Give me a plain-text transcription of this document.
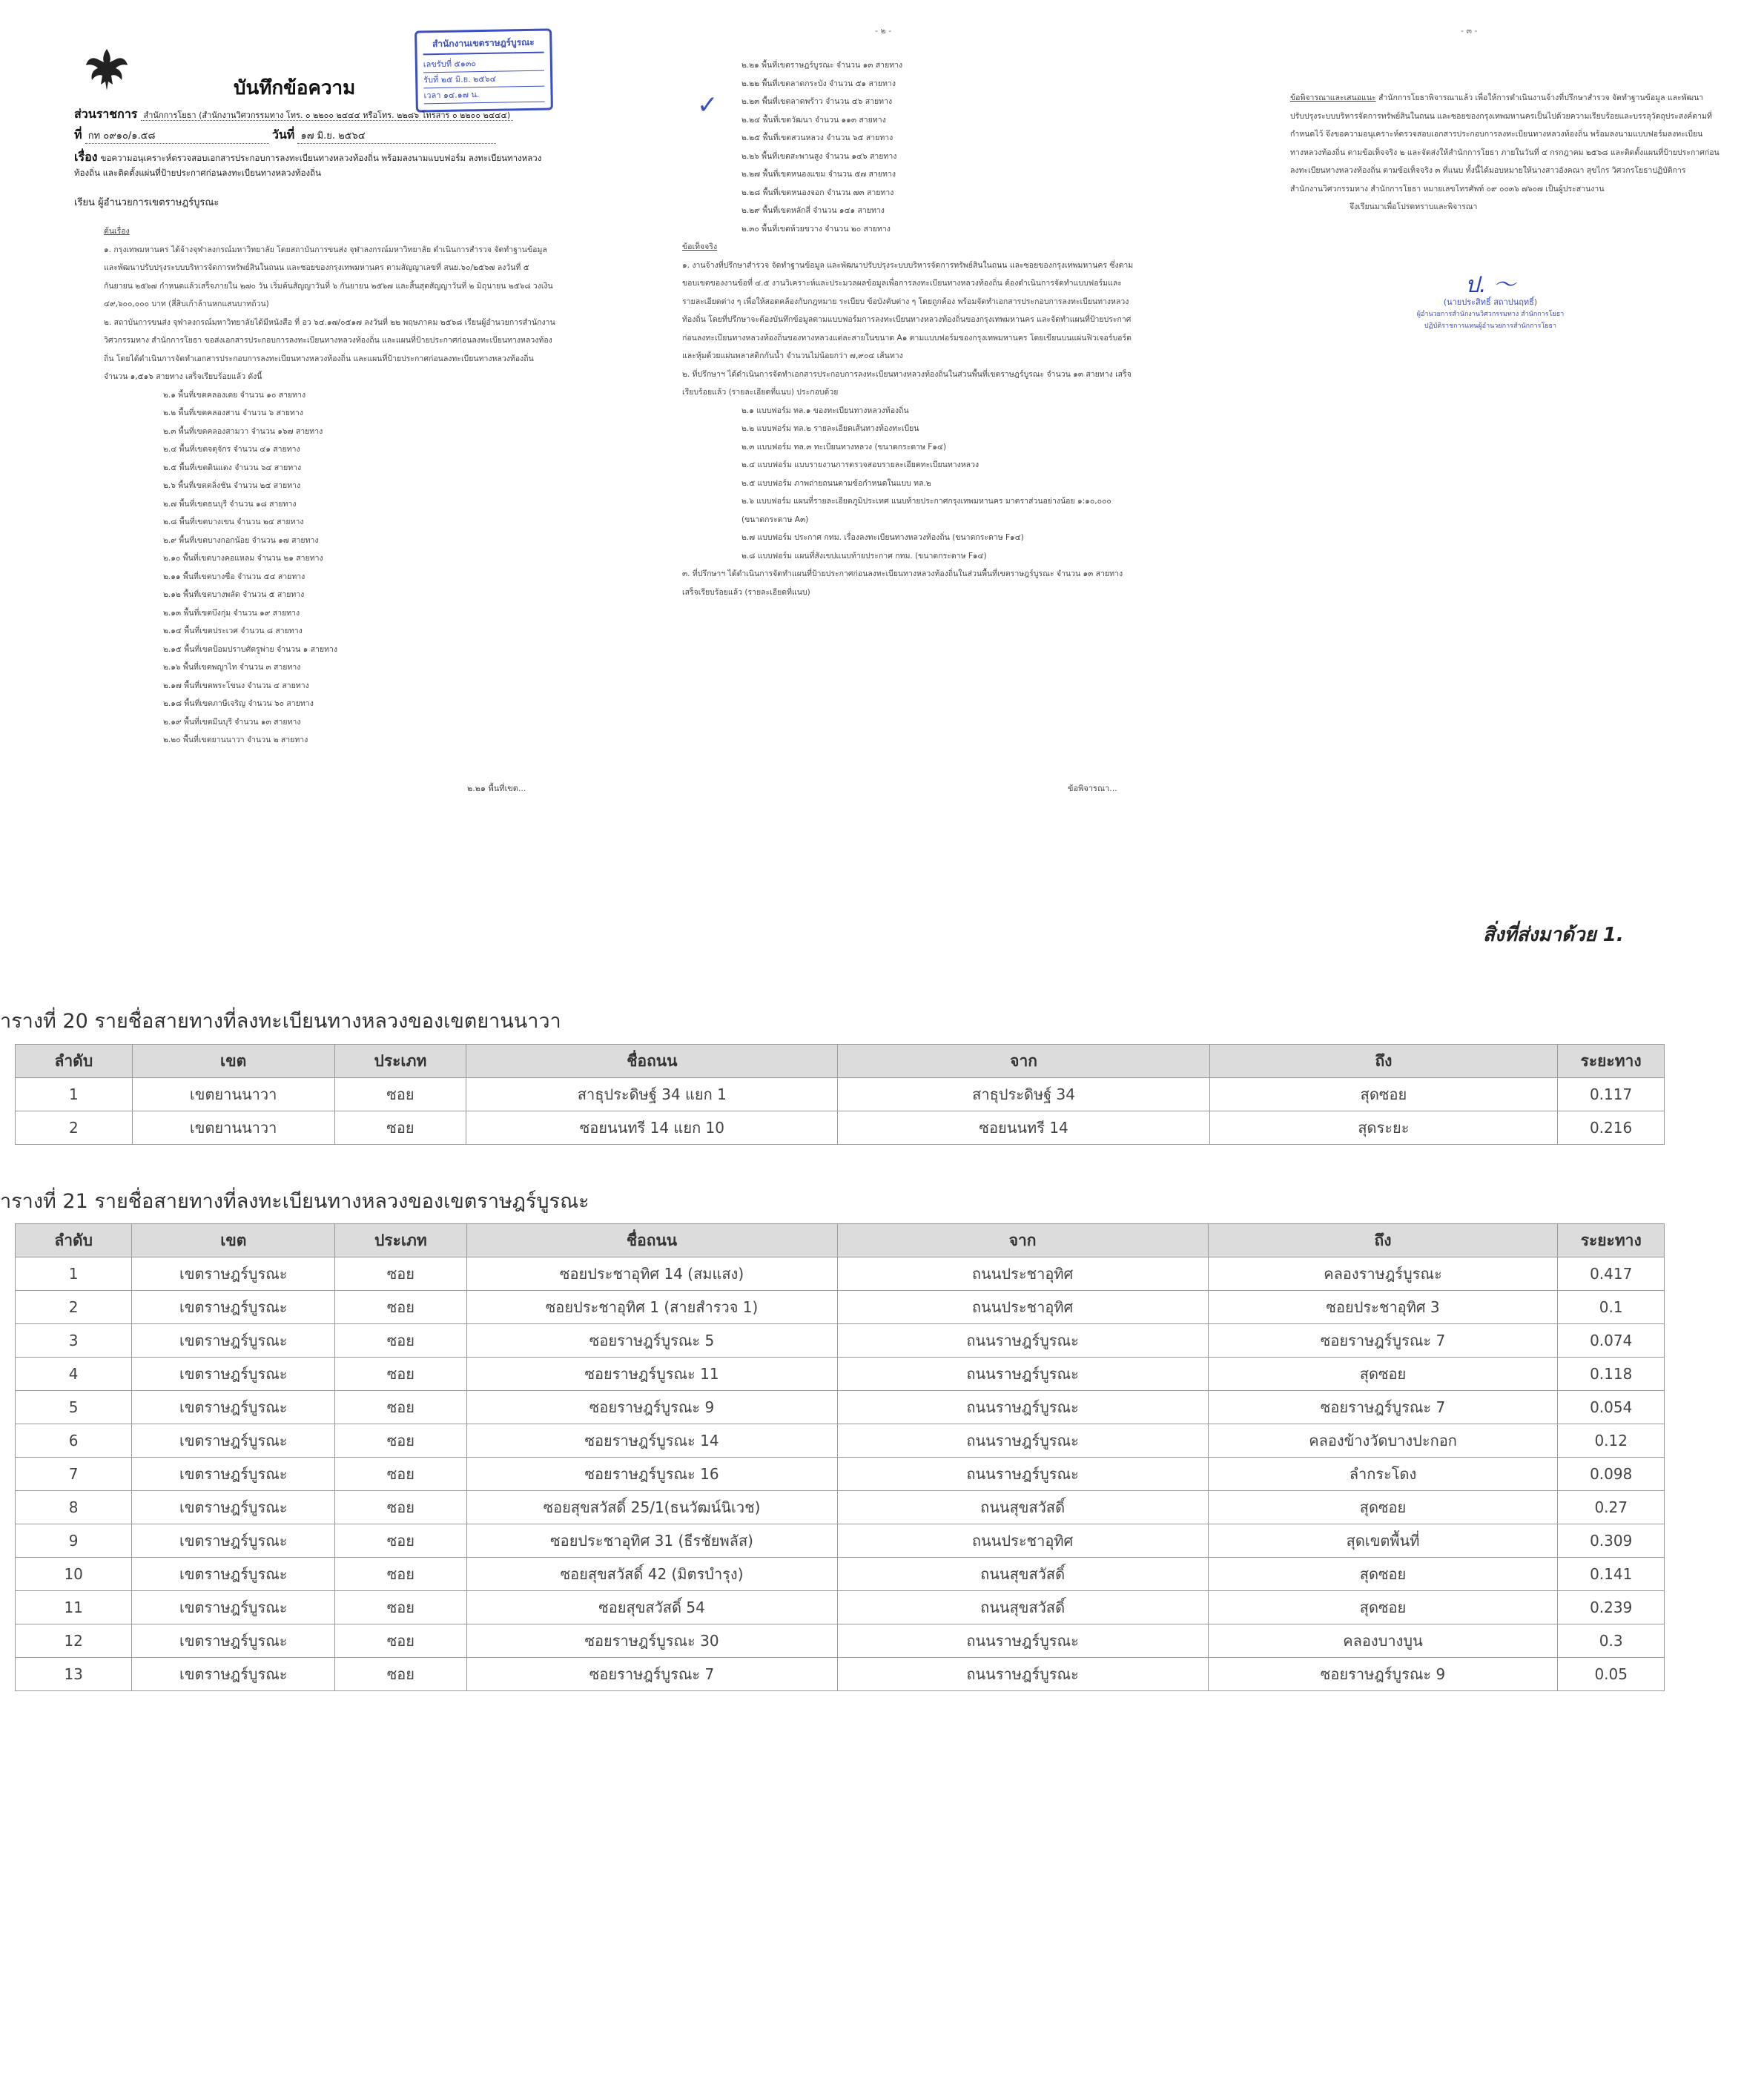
บันทึกข้อความ
สำนักงานเขตราษฎร์บูรณะ
เลขรับที่ ๕๑๓๐
รับที่ ๒๕ มิ.ย. ๒๕๖๔
เวลา ๑๔.๑๗ น.
ส่วนราชการ สำนักการโยธา (สำนักงานวิศวกรรมทาง โทร. ๐ ๒๒๐๐ ๒๔๔๔ หรือโทร. ๒๒๘๖ โทรสาร ๐ ๒๒๐๐ ๒๔๔๔)
ที่ กท ๐๙๑๐/๑.๕๘	วันที่ ๑๗ มิ.ย. ๒๕๖๔
เรื่อง ขอความอนุเคราะห์ตรวจสอบเอกสารประกอบการลงทะเบียนทางหลวงท้องถิ่น พร้อมลงนามแบบฟอร์ม ลงทะเบียนทางหลวงท้องถิ่น และติดตั้งแผ่นที่ป้ายประกาศก่อนลงทะเบียนทางหลวงท้องถิ่น
เรียน ผู้อำนวยการเขตราษฎร์บูรณะ
ต้นเรื่อง
๑. กรุงเทพมหานคร ได้จ้างจุฬาลงกรณ์มหาวิทยาลัย โดยสถาบันการขนส่ง จุฬาลงกรณ์มหาวิทยาลัย ดำเนินการสำรวจ จัดทำฐานข้อมูล และพัฒนาปรับปรุงระบบบริหารจัดการทรัพย์สินในถนน และซอยของกรุงเทพมหานคร ตามสัญญาเลขที่ สนย.๖๐/๒๕๖๗ ลงวันที่ ๕ กันยายน ๒๕๖๗ กำหนดแล้วเสร็จภายใน ๒๗๐ วัน เริ่มต้นสัญญาวันที่ ๖ กันยายน ๒๕๖๗ และสิ้นสุดสัญญาวันที่ ๒ มิถุนายน ๒๕๖๘ วงเงิน ๔๙,๖๐๐,๐๐๐ บาท (สี่สิบเก้าล้านหกแสนบาทถ้วน)
๒. สถาบันการขนส่ง จุฬาลงกรณ์มหาวิทยาลัยได้มีหนังสือ ที่ อว ๖๔.๑๗/๐๕๑๗ ลงวันที่ ๒๒ พฤษภาคม ๒๕๖๘ เรียนผู้อำนวยการสำนักงานวิศวกรรมทาง สำนักการโยธา ขอส่งเอกสารประกอบการลงทะเบียนทางหลวงท้องถิ่น และแผนที่ป้ายประกาศก่อนลงทะเบียนทางหลวงท้องถิ่น โดยได้ดำเนินการจัดทำเอกสารประกอบการลงทะเบียนทางหลวงท้องถิ่น และแผนที่ป้ายประกาศก่อนลงทะเบียนทางหลวงท้องถิ่น จำนวน ๑,๕๑๖ สายทาง เสร็จเรียบร้อยแล้ว ดังนี้
๒.๑ พื้นที่เขตคลองเตย จำนวน ๑๐ สายทาง
๒.๒ พื้นที่เขตคลองสาน จำนวน ๖ สายทาง
๒.๓ พื้นที่เขตคลองสามวา จำนวน ๑๖๗ สายทาง
๒.๔ พื้นที่เขตจตุจักร จำนวน ๔๑ สายทาง
๒.๕ พื้นที่เขตดินแดง จำนวน ๖๔ สายทาง
๒.๖ พื้นที่เขตตลิ่งชัน จำนวน ๒๔ สายทาง
๒.๗ พื้นที่เขตธนบุรี จำนวน ๑๘ สายทาง
๒.๘ พื้นที่เขตบางเขน จำนวน ๒๔ สายทาง
๒.๙ พื้นที่เขตบางกอกน้อย จำนวน ๑๗ สายทาง
๒.๑๐ พื้นที่เขตบางคอแหลม จำนวน ๒๑ สายทาง
๒.๑๑ พื้นที่เขตบางซื่อ จำนวน ๕๔ สายทาง
๒.๑๒ พื้นที่เขตบางพลัด จำนวน ๕ สายทาง
๒.๑๓ พื้นที่เขตบึงกุ่ม จำนวน ๑๙ สายทาง
๒.๑๔ พื้นที่เขตประเวศ จำนวน ๘ สายทาง
๒.๑๕ พื้นที่เขตป้อมปราบศัตรูพ่าย จำนวน ๑ สายทาง
๒.๑๖ พื้นที่เขตพญาไท จำนวน ๓ สายทาง
๒.๑๗ พื้นที่เขตพระโขนง จำนวน ๔ สายทาง
๒.๑๘ พื้นที่เขตภาษีเจริญ จำนวน ๖๐ สายทาง
๒.๑๙ พื้นที่เขตมีนบุรี จำนวน ๑๓ สายทาง
๒.๒๐ พื้นที่เขตยานนาวา จำนวน ๒ สายทาง
๒.๒๑ พื้นที่เขต...
- ๒ -
✓
๒.๒๑ พื้นที่เขตราษฎร์บูรณะ จำนวน ๑๓ สายทาง
๒.๒๒ พื้นที่เขตลาดกระบัง จำนวน ๕๑ สายทาง
๒.๒๓ พื้นที่เขตลาดพร้าว จำนวน ๔๖ สายทาง
๒.๒๔ พื้นที่เขตวัฒนา จำนวน ๑๑๓ สายทาง
๒.๒๕ พื้นที่เขตสวนหลวง จำนวน ๖๕ สายทาง
๒.๒๖ พื้นที่เขตสะพานสูง จำนวน ๑๔๖ สายทาง
๒.๒๗ พื้นที่เขตหนองแขม จำนวน ๕๗ สายทาง
๒.๒๘ พื้นที่เขตหนองจอก จำนวน ๗๓ สายทาง
๒.๒๙ พื้นที่เขตหลักสี่ จำนวน ๑๔๑ สายทาง
๒.๓๐ พื้นที่เขตห้วยขวาง จำนวน ๒๐ สายทาง
ข้อเท็จจริง
๑. งานจ้างที่ปรึกษาสำรวจ จัดทำฐานข้อมูล และพัฒนาปรับปรุงระบบบริหารจัดการทรัพย์สินในถนน และซอยของกรุงเทพมหานคร ซึ่งตามขอบเขตของงานข้อที่ ๔.๕ งานวิเคราะห์และประมวลผลข้อมูลเพื่อการลงทะเบียนทางหลวงท้องถิ่น ต้องดำเนินการจัดทำแบบฟอร์มและรายละเอียดต่าง ๆ เพื่อให้สอดคล้องกับกฎหมาย ระเบียบ ข้อบังคับต่าง ๆ โดยถูกต้อง พร้อมจัดทำเอกสารประกอบการลงทะเบียนทางหลวงท้องถิ่น โดยที่ปรึกษาจะต้องบันทึกข้อมูลตามแบบฟอร์มการลงทะเบียนทางหลวงท้องถิ่นของกรุงเทพมหานคร และจัดทำแผนที่ป้ายประกาศก่อนลงทะเบียนทางหลวงท้องถิ่นของทางหลวงแต่ละสายในขนาด A๑ ตามแบบฟอร์มของกรุงเทพมหานคร โดยเขียนบนแผ่นฟิวเจอร์บอร์ดและหุ้มด้วยแผ่นพลาสติกกันน้ำ จำนวนไม่น้อยกว่า ๗,๙๐๔ เส้นทาง
๒. ที่ปรึกษาฯ ได้ดำเนินการจัดทำเอกสารประกอบการลงทะเบียนทางหลวงท้องถิ่นในส่วนพื้นที่เขตราษฎร์บูรณะ จำนวน ๑๓ สายทาง เสร็จเรียบร้อยแล้ว (รายละเอียดที่แนบ) ประกอบด้วย
๒.๑ แบบฟอร์ม ทล.๑ ของทะเบียนทางหลวงท้องถิ่น
๒.๒ แบบฟอร์ม ทล.๒ รายละเอียดเส้นทางท้องทะเบียน
๒.๓ แบบฟอร์ม ทล.๓ ทะเบียนทางหลวง (ขนาดกระดาษ F๑๔)
๒.๔ แบบฟอร์ม แบบรายงานการตรวจสอบรายละเอียดทะเบียนทางหลวง
๒.๕ แบบฟอร์ม ภาพถ่ายถนนตามข้อกำหนดในแบบ ทล.๒
๒.๖ แบบฟอร์ม แผนที่รายละเอียดภูมิประเทศ แนบท้ายประกาศกรุงเทพมหานคร มาตราส่วนอย่างน้อย ๑:๑๐,๐๐๐ (ขนาดกระดาษ A๓)
๒.๗ แบบฟอร์ม ประกาศ กทม. เรื่องลงทะเบียนทางหลวงท้องถิ่น (ขนาดกระดาษ F๑๔)
๒.๘ แบบฟอร์ม แผนที่สังเขปแนบท้ายประกาศ กทม. (ขนาดกระดาษ F๑๔)
๓. ที่ปรึกษาฯ ได้ดำเนินการจัดทำแผนที่ป้ายประกาศก่อนลงทะเบียนทางหลวงท้องถิ่นในส่วนพื้นที่เขตราษฎร์บูรณะ จำนวน ๑๓ สายทาง เสร็จเรียบร้อยแล้ว (รายละเอียดที่แนบ)
ข้อพิจารณา...
- ๓ -
ข้อพิจารณาและเสนอแนะ สำนักการโยธาพิจารณาแล้ว เพื่อให้การดำเนินงานจ้างที่ปรึกษาสำรวจ จัดทำฐานข้อมูล และพัฒนาปรับปรุงระบบบริหารจัดการทรัพย์สินในถนน และซอยของกรุงเทพมหานครเป็นไปด้วยความเรียบร้อยและบรรลุวัตถุประสงค์ตามที่กำหนดไว้ จึงขอความอนุเคราะห์ตรวจสอบเอกสารประกอบการลงทะเบียนทางหลวงท้องถิ่น พร้อมลงนามแบบฟอร์มลงทะเบียนทางหลวงท้องถิ่น ตามข้อเท็จจริง ๒ และจัดส่งให้สำนักการโยธา ภายในวันที่ ๔ กรกฎาคม ๒๕๖๘ และติดตั้งแผนที่ป้ายประกาศก่อนลงทะเบียนทางหลวงท้องถิ่น ตามข้อเท็จจริง ๓ ที่แนบ ทั้งนี้ได้มอบหมายให้นางสาวอังคณา สุขไกร วิศวกรโยธาปฏิบัติการ สำนักงานวิศวกรรมทาง สำนักการโยธา หมายเลขโทรศัพท์ ๐๙ ๐๐๓๖ ๗๖๐๗ เป็นผู้ประสานงาน
จึงเรียนมาเพื่อโปรดทราบและพิจารณา
ป. ﻿～
(นายประสิทธิ์ สถาปนฤทธิ์)
ผู้อำนวยการสำนักงานวิศวกรรมทาง สำนักการโยธา
ปฏิบัติราชการแทนผู้อำนวยการสำนักการโยธา
สิ่งที่ส่งมาด้วย 1.
ารางที่ 20 รายชื่อสายทางที่ลงทะเบียนทางหลวงของเขตยานนาวา
ลำดับ	เขต	ประเภท	ชื่อถนน	จาก	ถึง	ระยะทาง
1	เขตยานนาวา	ซอย	สาธุประดิษฐ์ 34 แยก 1	สาธุประดิษฐ์ 34	สุดซอย	0.117
2	เขตยานนาวา	ซอย	ซอยนนทรี 14 แยก 10	ซอยนนทรี 14	สุดระยะ	0.216
ารางที่ 21 รายชื่อสายทางที่ลงทะเบียนทางหลวงของเขตราษฎร์บูรณะ
ลำดับ	เขต	ประเภท	ชื่อถนน	จาก	ถึง	ระยะทาง
1	เขตราษฎร์บูรณะ	ซอย	ซอยประชาอุทิศ 14 (สมแสง)	ถนนประชาอุทิศ	คลองราษฎร์บูรณะ	0.417
2	เขตราษฎร์บูรณะ	ซอย	ซอยประชาอุทิศ 1 (สายสำรวจ 1)	ถนนประชาอุทิศ	ซอยประชาอุทิศ 3	0.1
3	เขตราษฎร์บูรณะ	ซอย	ซอยราษฎร์บูรณะ 5	ถนนราษฎร์บูรณะ	ซอยราษฎร์บูรณะ 7	0.074
4	เขตราษฎร์บูรณะ	ซอย	ซอยราษฎร์บูรณะ 11	ถนนราษฎร์บูรณะ	สุดซอย	0.118
5	เขตราษฎร์บูรณะ	ซอย	ซอยราษฎร์บูรณะ 9	ถนนราษฎร์บูรณะ	ซอยราษฎร์บูรณะ 7	0.054
6	เขตราษฎร์บูรณะ	ซอย	ซอยราษฎร์บูรณะ 14	ถนนราษฎร์บูรณะ	คลองข้างวัดบางปะกอก	0.12
7	เขตราษฎร์บูรณะ	ซอย	ซอยราษฎร์บูรณะ 16	ถนนราษฎร์บูรณะ	ลำกระโดง	0.098
8	เขตราษฎร์บูรณะ	ซอย	ซอยสุขสวัสดิ์ 25/1(ธนวัฒน์นิเวช)	ถนนสุขสวัสดิ์	สุดซอย	0.27
9	เขตราษฎร์บูรณะ	ซอย	ซอยประชาอุทิศ 31 (ธีรชัยพลัส)	ถนนประชาอุทิศ	สุดเขตพื้นที่	0.309
10	เขตราษฎร์บูรณะ	ซอย	ซอยสุขสวัสดิ์ 42 (มิตรบำรุง)	ถนนสุขสวัสดิ์	สุดซอย	0.141
11	เขตราษฎร์บูรณะ	ซอย	ซอยสุขสวัสดิ์ 54	ถนนสุขสวัสดิ์	สุดซอย	0.239
12	เขตราษฎร์บูรณะ	ซอย	ซอยราษฎร์บูรณะ 30	ถนนราษฎร์บูรณะ	คลองบางบูน	0.3
13	เขตราษฎร์บูรณะ	ซอย	ซอยราษฎร์บูรณะ 7	ถนนราษฎร์บูรณะ	ซอยราษฎร์บูรณะ 9	0.05
